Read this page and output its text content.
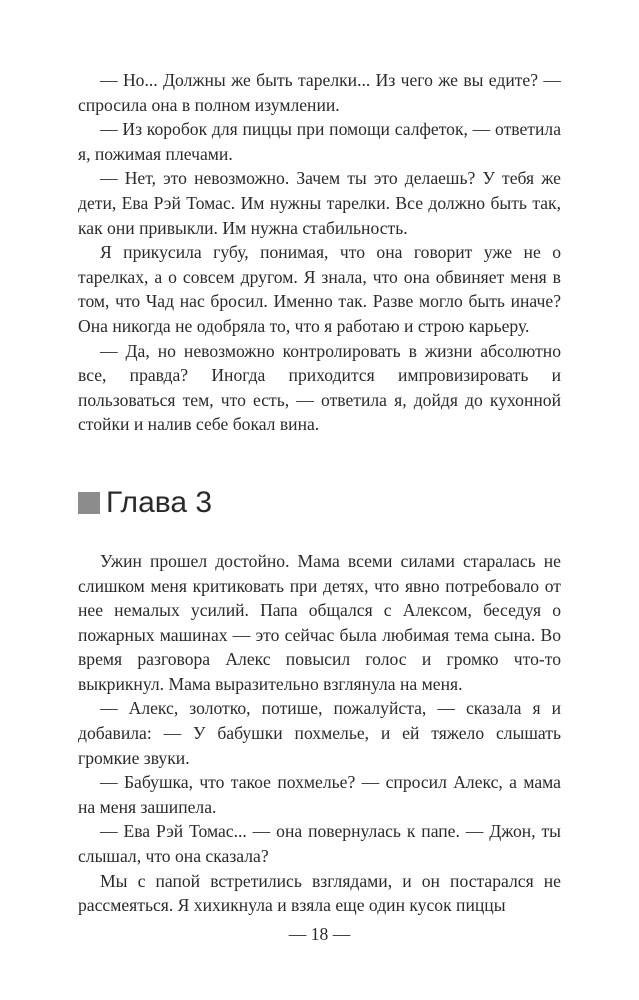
— Но... Должны же быть тарелки... Из чего же вы едите? — спросила она в полном изумлении.

— Из коробок для пиццы при помощи салфеток, — ответила я, пожимая плечами.

— Нет, это невозможно. Зачем ты это делаешь? У тебя же дети, Ева Рэй Томас. Им нужны тарелки. Все должно быть так, как они привыкли. Им нужна стабильность.

Я прикусила губу, понимая, что она говорит уже не о тарелках, а о совсем другом. Я знала, что она обвиняет меня в том, что Чад нас бросил. Именно так. Разве могло быть иначе? Она никогда не одобряла то, что я работаю и строю карьеру.

— Да, но невозможно контролировать в жизни абсолютно все, правда? Иногда приходится импровизировать и пользоваться тем, что есть, — ответила я, дойдя до кухонной стойки и налив себе бокал вина.

Глава 3

Ужин прошел достойно. Мама всеми силами старалась не слишком меня критиковать при детях, что явно потребовало от нее немалых усилий. Папа общался с Алексом, беседуя о пожарных машинах — это сейчас была любимая тема сына. Во время разговора Алекс повысил голос и громко что-то выкрикнул. Мама выразительно взглянула на меня.

— Алекс, золотко, потише, пожалуйста, — сказала я и добавила: — У бабушки похмелье, и ей тяжело слышать громкие звуки.

— Бабушка, что такое похмелье? — спросил Алекс, а мама на меня зашипела.

— Ева Рэй Томас... — она повернулась к папе. — Джон, ты слышал, что она сказала?

Мы с папой встретились взглядами, и он постарался не рассмеяться. Я хихикнула и взяла еще один кусок пиццы

— 18 —
